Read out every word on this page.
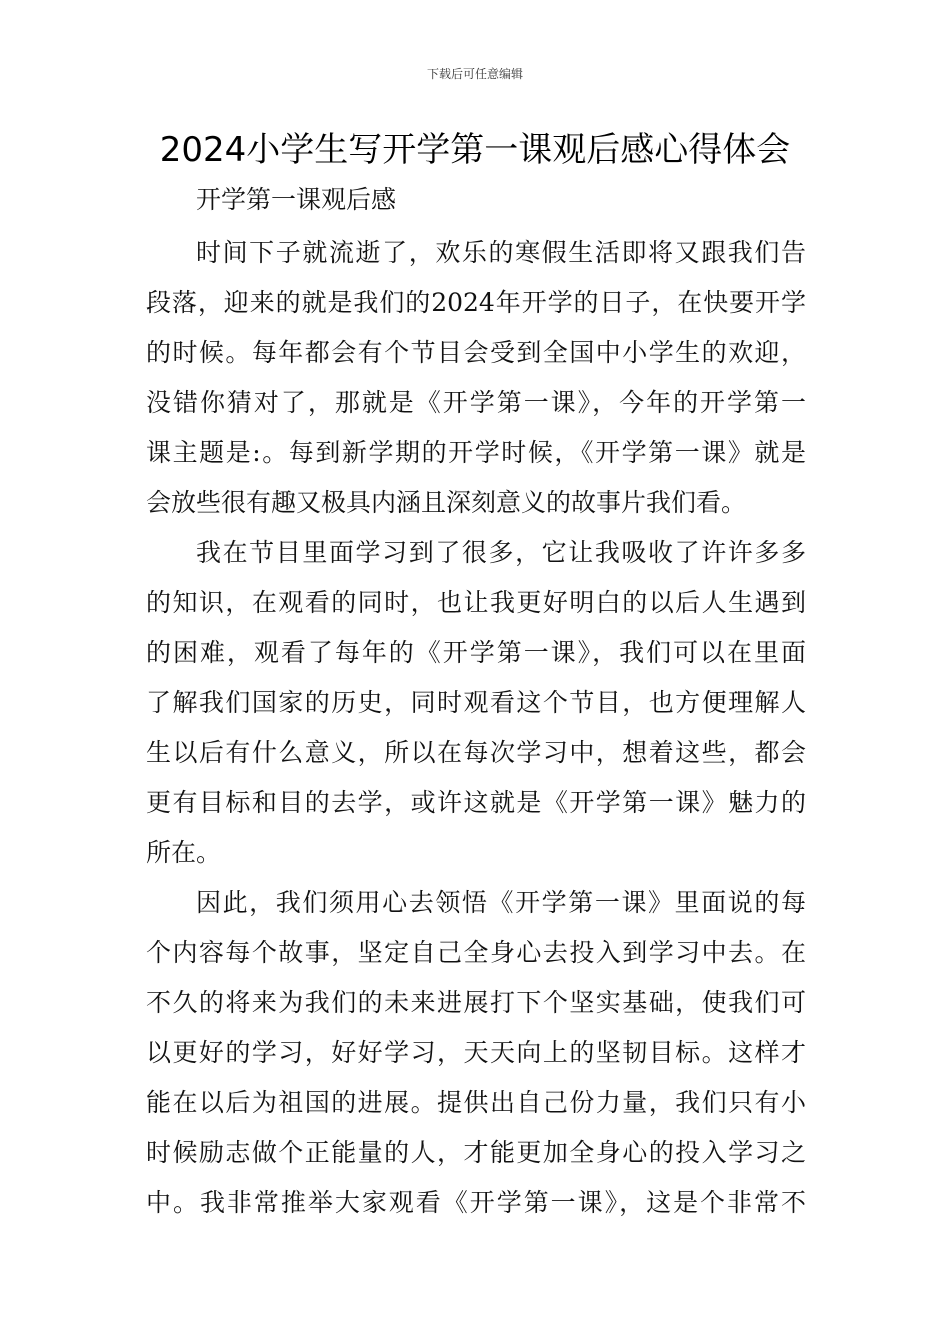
下载后可任意编辑
2024小学生写开学第一课观后感心得体会
开学第一课观后感
时间下子就流逝了，欢乐的寒假生活即将又跟我们告
段落，迎来的就是我们的2024年开学的日子，在快要开学
的时候。每年都会有个节目会受到全国中小学生的欢迎，
没错你猜对了，那就是《开学第一课》，今年的开学第一
课主题是:。每到新学期的开学时候，《开学第一课》就是
会放些很有趣又极具内涵且深刻意义的故事片我们看。
我在节目里面学习到了很多，它让我吸收了许许多多
的知识，在观看的同时，也让我更好明白的以后人生遇到
的困难，观看了每年的《开学第一课》，我们可以在里面
了解我们国家的历史，同时观看这个节目，也方便理解人
生以后有什么意义，所以在每次学习中，想着这些，都会
更有目标和目的去学，或许这就是《开学第一课》魅力的
所在。
因此，我们须用心去领悟《开学第一课》里面说的每
个内容每个故事，坚定自己全身心去投入到学习中去。在
不久的将来为我们的未来进展打下个坚实基础，使我们可
以更好的学习，好好学习，天天向上的坚韧目标。这样才
能在以后为祖国的进展。提供出自己份力量，我们只有小
时候励志做个正能量的人，才能更加全身心的投入学习之
中。我非常推举大家观看《开学第一课》，这是个非常不
